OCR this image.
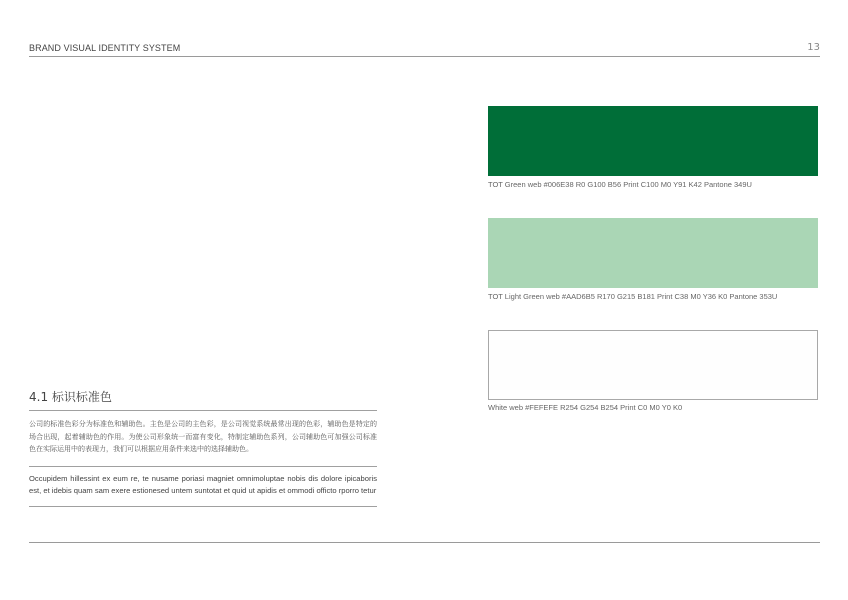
BRAND VISUAL IDENTITY SYSTEM	13
4.1 标识标准色
公司的标准色彩分为标准色和辅助色。主色是公司的主色彩，是公司视觉系统最常出现的色彩，辅助色是特定的场合出现，起着辅助色的作用。为使公司形象统一而富有变化，特制定辅助色系列，公司辅助色可加强公司标准色在实际运用中的表现力，我们可以根据应用条件来选中的选择辅助色。
Occupidem hillessint ex eum re, te nusame poriasi magniet omnimoluptae nobis dis dolore ipicaboris est, et idebis quam sam exere estionesed untem suntotat et quid ut apidis et ommodi officto rporro tetur
TOT Green web #006E38 R0 G100 B56 Print C100 M0 Y91 K42 Pantone 349U
TOT Light Green web #AAD6B5 R170 G215 B181 Print C38 M0 Y36 K0 Pantone 353U
White web #FEFEFE R254 G254 B254 Print C0 M0 Y0 K0
